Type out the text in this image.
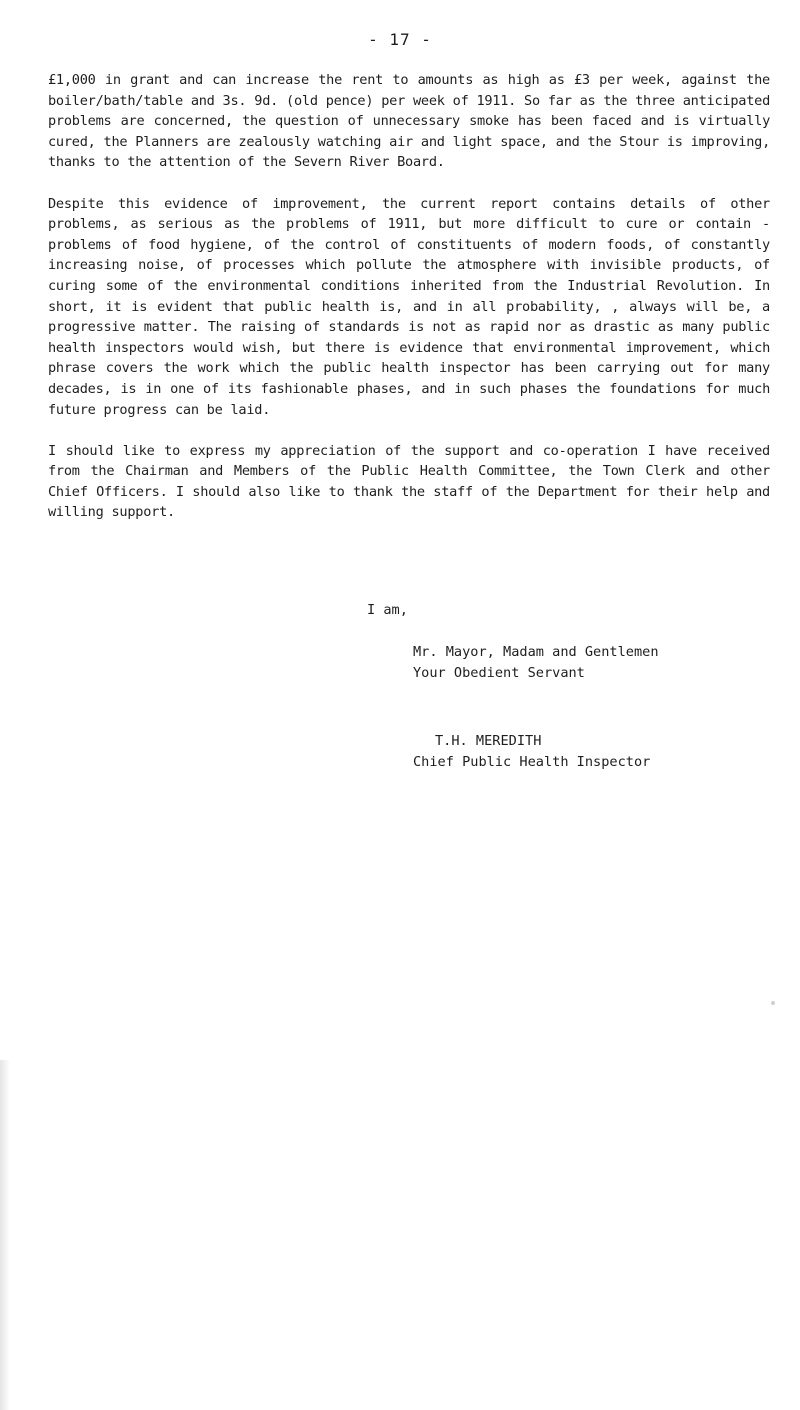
- 17 -

£1,000 in grant and can increase the rent to amounts as high as £3 per week, against the boiler/bath/table and 3s. 9d. (old pence) per week of 1911. So far as the three anticipated problems are concerned, the question of unnecessary smoke has been faced and is virtually cured, the Planners are zealously watching air and light space, and the Stour is improving, thanks to the attention of the Severn River Board.

Despite this evidence of improvement, the current report contains details of other problems, as serious as the problems of 1911, but more difficult to cure or contain - problems of food hygiene, of the control of constituents of modern foods, of constantly increasing noise, of processes which pollute the atmosphere with invisible products, of curing some of the environmental conditions inherited from the Industrial Revolution. In short, it is evident that public health is, and in all probability, , always will be, a progressive matter. The raising of standards is not as rapid nor as drastic as many public health inspectors would wish, but there is evidence that environmental improvement, which phrase covers the work which the public health inspector has been carrying out for many decades, is in one of its fashionable phases, and in such phases the foundations for much future progress can be laid.

I should like to express my appreciation of the support and co-operation I have received from the Chairman and Members of the Public Health Committee, the Town Clerk and other Chief Officers. I should also like to thank the staff of the Department for their help and willing support.

I am,
Mr. Mayor, Madam and Gentlemen
Your Obedient Servant
T.H. MEREDITH
Chief Public Health Inspector
